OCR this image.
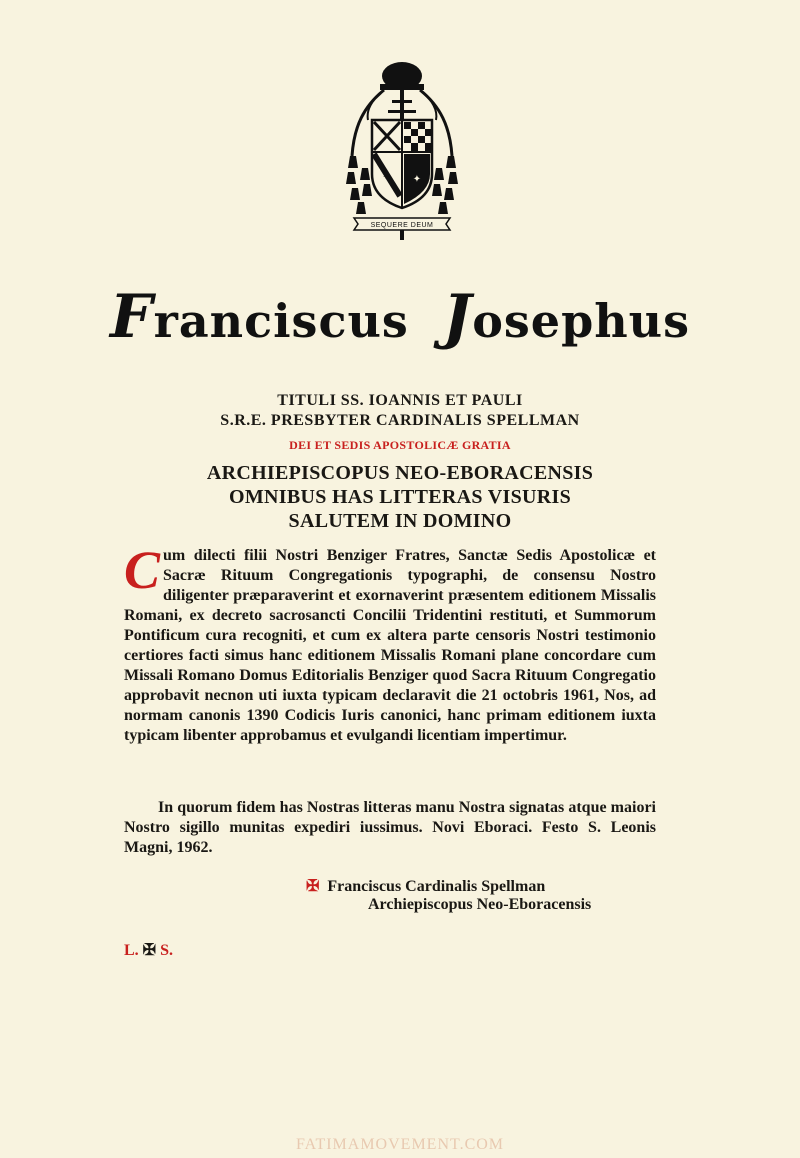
✦
+
SEQUERE DEUM
Franciscus Josephus
TITULI SS. IOANNIS ET PAULI
S.R.E. PRESBYTER CARDINALIS SPELLMAN
DEI ET SEDIS APOSTOLICÆ GRATIA
ARCHIEPISCOPUS NEO-EBORACENSIS
OMNIBUS HAS LITTERAS VISURIS
SALUTEM IN DOMINO
Cum dilecti filii Nostri Benziger Fratres, Sanctæ Sedis Apostolicæ et Sacræ Rituum Congregationis typographi, de consensu Nostro diligenter præparaverint et exornaverint præsentem editionem Missalis Romani, ex decreto sacrosancti Concilii Tridentini restituti, et Summorum Pontificum cura recogniti, et cum ex altera parte censoris Nostri testimonio certiores facti simus hanc editionem Missalis Romani plane concordare cum Missali Romano Domus Editorialis Benziger quod Sacra Rituum Congregatio approbavit necnon uti iuxta typicam declaravit die 21 octobris 1961, Nos, ad normam canonis 1390 Codicis Iuris canonici, hanc primam editionem iuxta typicam libenter approbamus et evulgandi licentiam impertimur.
In quorum fidem has Nostras litteras manu Nostra signatas atque maiori Nostro sigillo munitas expediri iussimus. Novi Eboraci. Festo S. Leonis Magni, 1962.
✠ Franciscus Cardinalis Spellman
Archiepiscopus Neo-Eboracensis
L. ✠ S.
FATIMAMOVEMENT.COM
